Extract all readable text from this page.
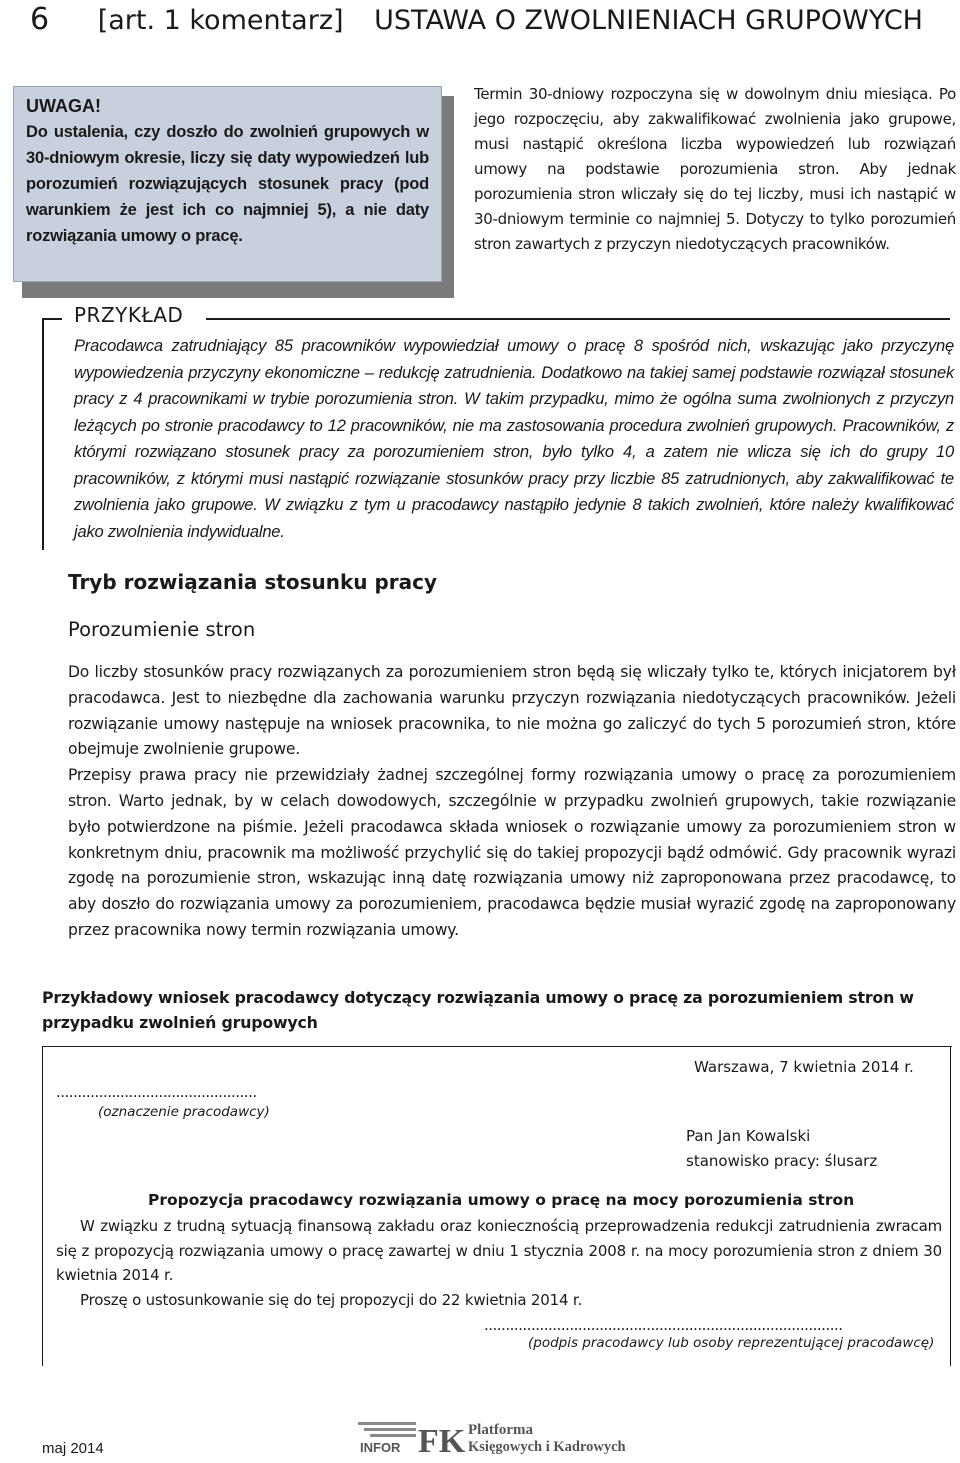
6 [art. 1 komentarz] USTAWA O ZWOLNIENIACH GRUPOWYCH
UWAGA!
Do ustalenia, czy doszło do zwolnień grupowych w 30-dniowym okresie, liczy się daty wypowiedzeń lub porozumień rozwiązujących stosunek pracy (pod warunkiem że jest ich co najmniej 5), a nie daty rozwiązania umowy o pracę.
Termin 30-dniowy rozpoczyna się w dowolnym dniu miesiąca. Po jego rozpoczęciu, aby zakwalifikować zwolnienia jako grupowe, musi nastąpić określona liczba wypowiedzeń lub rozwiązań umowy na podstawie porozumienia stron. Aby jednak porozumienia stron wliczały się do tej liczby, musi ich nastąpić w 30-dniowym terminie co najmniej 5. Dotyczy to tylko porozumień stron zawartych z przyczyn niedotyczących pracowników.
PRZYKŁAD
Pracodawca zatrudniający 85 pracowników wypowiedział umowy o pracę 8 spośród nich, wskazując jako przyczynę wypowiedzenia przyczyny ekonomiczne – redukcję zatrudnienia. Dodatkowo na takiej samej podstawie rozwiązał stosunek pracy z 4 pracownikami w trybie porozumienia stron. W takim przypadku, mimo że ogólna suma zwolnionych z przyczyn leżących po stronie pracodawcy to 12 pracowników, nie ma zastosowania procedura zwolnień grupowych. Pracowników, z którymi rozwiązano stosunek pracy za porozumieniem stron, było tylko 4, a zatem nie wlicza się ich do grupy 10 pracowników, z którymi musi nastąpić rozwiązanie stosunków pracy przy liczbie 85 zatrudnionych, aby zakwalifikować te zwolnienia jako grupowe. W związku z tym u pracodawcy nastąpiło jedynie 8 takich zwolnień, które należy kwalifikować jako zwolnienia indywidualne.
Tryb rozwiązania stosunku pracy
Porozumienie stron

Do liczby stosunków pracy rozwiązanych za porozumieniem stron będą się wliczały tylko te, których inicjatorem był pracodawca. Jest to niezbędne dla zachowania warunku przyczyn rozwiązania niedotyczących pracowników. Jeżeli rozwiązanie umowy następuje na wniosek pracownika, to nie można go zaliczyć do tych 5 porozumień stron, które obejmuje zwolnienie grupowe.

Przepisy prawa pracy nie przewidziały żadnej szczególnej formy rozwiązania umowy o pracę za porozumieniem stron. Warto jednak, by w celach dowodowych, szczególnie w przypadku zwolnień grupowych, takie rozwiązanie było potwierdzone na piśmie. Jeżeli pracodawca składa wniosek o rozwiązanie umowy za porozumieniem stron w konkretnym dniu, pracownik ma możliwość przychylić się do takiej propozycji bądź odmówić. Gdy pracownik wyrazi zgodę na porozumienie stron, wskazując inną datę rozwiązania umowy niż zaproponowana przez pracodawcę, to aby doszło do rozwiązania umowy za porozumieniem, pracodawca będzie musiał wyrazić zgodę na zaproponowany przez pracownika nowy termin rozwiązania umowy.

Przykładowy wniosek pracodawcy dotyczący rozwiązania umowy o pracę za porozumieniem stron w przypadku zwolnień grupowych
Warszawa, 7 kwietnia 2014 r.
...............................................
(oznaczenie pracodawcy)
Pan Jan Kowalski
stanowisko pracy: ślusarz
Propozycja pracodawcy rozwiązania umowy o pracę na mocy porozumienia stron

W związku z trudną sytuacją finansową zakładu oraz koniecznością przeprowadzenia redukcji zatrudnienia zwracam się z propozycją rozwiązania umowy o pracę zawartej w dniu 1 stycznia 2008 r. na mocy porozumienia stron z dniem 30 kwietnia 2014 r.

Proszę o ustosunkowanie się do tej propozycji do 22 kwietnia 2014 r.

....................................................................................
(podpis pracodawcy lub osoby reprezentującej pracodawcę)
maj 2014	INFOR FK Platforma
Księgowych i Kadrowych
